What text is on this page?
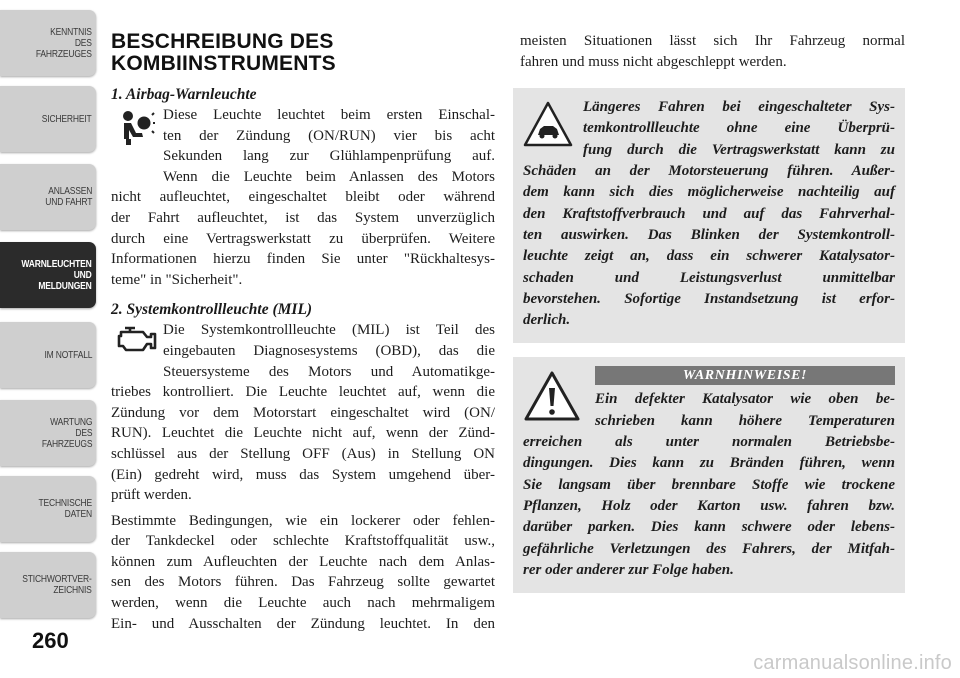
KENNTNIS
DES
FAHRZEUGES
SICHERHEIT
ANLASSEN
UND FAHRT
WARNLEUCHTEN
UND
MELDUNGEN
IM NOTFALL
WARTUNG
DES
FAHRZEUGS
TECHNISCHE
DATEN
STICHWORTVER-
ZEICHNIS
260
carmanualsonline.info
BESCHREIBUNG DES
KOMBIINSTRUMENTS
1. Airbag-Warnleuchte
Diese Leuchte leuchtet beim ersten Einschal-
ten der Zündung (ON/RUN) vier bis acht
Sekunden lang zur Glühlampenprüfung auf.
Wenn die Leuchte beim Anlassen des Motors
nicht aufleuchtet, eingeschaltet bleibt oder während
der Fahrt aufleuchtet, ist das System unverzüglich
durch eine Vertragswerkstatt zu überprüfen. Weitere
Informationen hierzu finden Sie unter "Rückhaltesys-
teme" in "Sicherheit".
2. Systemkontrollleuchte (MIL)
Die Systemkontrollleuchte (MIL) ist Teil des
eingebauten Diagnosesystems (OBD), das die
Steuersysteme des Motors und Automatikge-
triebes kontrolliert. Die Leuchte leuchtet auf, wenn die
Zündung vor dem Motorstart eingeschaltet wird (ON/
RUN). Leuchtet die Leuchte nicht auf, wenn der Zünd-
schlüssel aus der Stellung OFF (Aus) in Stellung ON
(Ein) gedreht wird, muss das System umgehend über-
prüft werden.
Bestimmte Bedingungen, wie ein lockerer oder fehlen-
der Tankdeckel oder schlechte Kraftstoffqualität usw.,
können zum Aufleuchten der Leuchte nach dem Anlas-
sen des Motors führen. Das Fahrzeug sollte gewartet
werden, wenn die Leuchte auch nach mehrmaligem
Ein- und Ausschalten der Zündung leuchtet. In den
meisten Situationen lässt sich Ihr Fahrzeug normal
fahren und muss nicht abgeschleppt werden.
Längeres Fahren bei eingeschalteter Sys-
temkontrollleuchte ohne eine Überprü-
fung durch die Vertragswerkstatt kann zu
Schäden an der Motorsteuerung führen. Außer-
dem kann sich dies möglicherweise nachteilig auf
den Kraftstoffverbrauch und auf das Fahrverhal-
ten auswirken. Das Blinken der Systemkontroll-
leuchte zeigt an, dass ein schwerer Katalysator-
schaden und Leistungsverlust unmittelbar
bevorstehen. Sofortige Instandsetzung ist erfor-
derlich.
WARNHINWEISE!
Ein defekter Katalysator wie oben be-
schrieben kann höhere Temperaturen
erreichen als unter normalen Betriebsbe-
dingungen. Dies kann zu Bränden führen, wenn
Sie langsam über brennbare Stoffe wie trockene
Pflanzen, Holz oder Karton usw. fahren bzw.
darüber parken. Dies kann schwere oder lebens-
gefährliche Verletzungen des Fahrers, der Mitfah-
rer oder anderer zur Folge haben.
